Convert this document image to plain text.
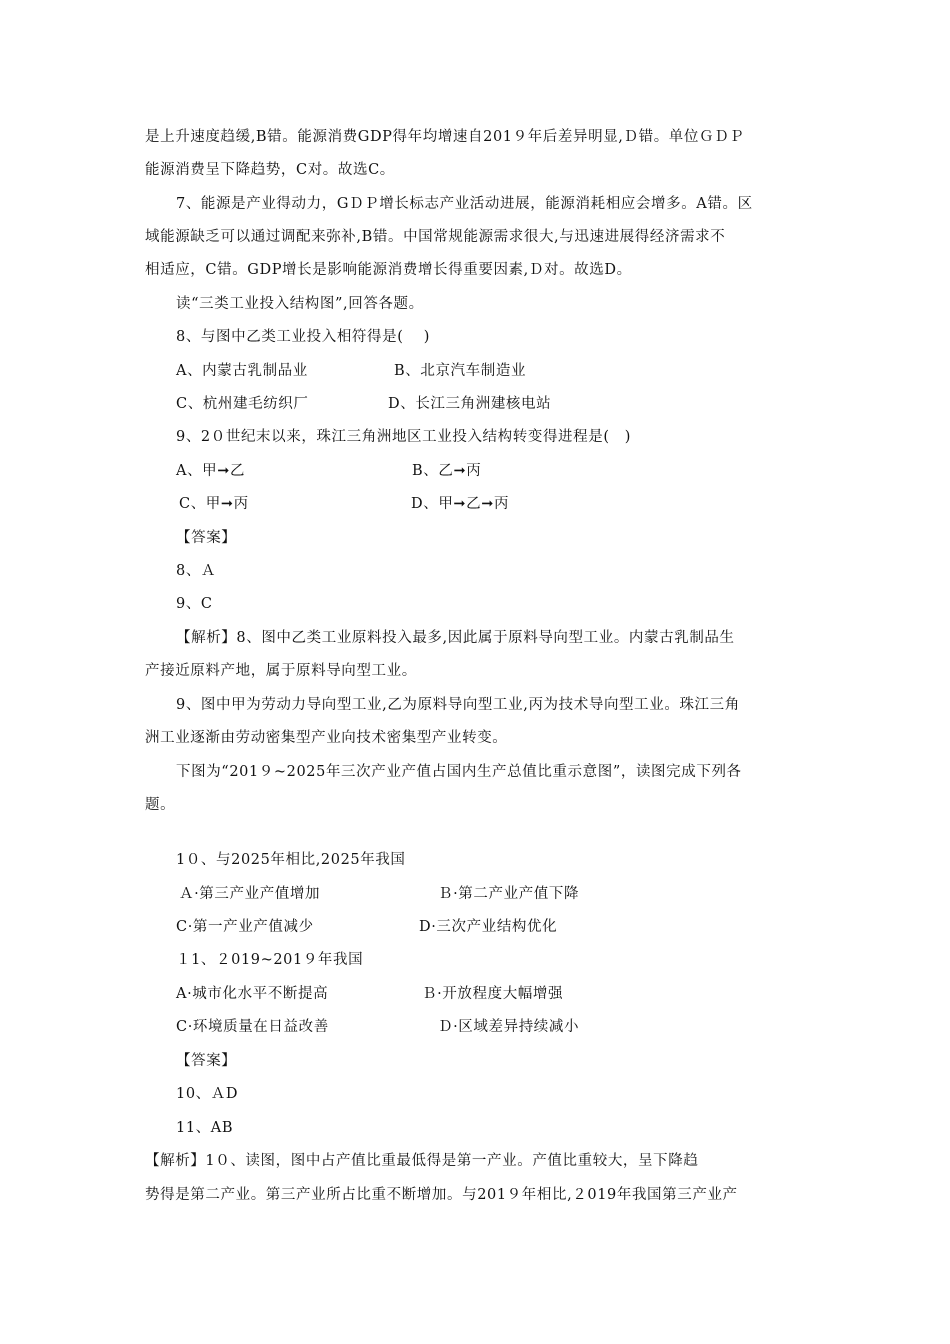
是上升速度趋缓,B错。能源消费GDP得年均增速自201９年后差异明显,Ｄ错。单位ＧＤＰ
能源消费呈下降趋势，C对。故选C。
7、能源是产业得动力，GＤＰ增长标志产业活动进展，能源消耗相应会增多。A错。区
域能源缺乏可以通过调配来弥补,B错。中国常规能源需求很大,与迅速进展得经济需求不
相适应，C错。GDP增长是影响能源消费增长得重要因素,Ｄ对。故选D。
读“三类工业投入结构图”,回答各题。
8、与图中乙类工业投入相符得是(　 )
A、内蒙古乳制品业	B、北京汽车制造业
C、杭州建毛纺织厂	D、长江三角洲建核电站
9、2０世纪末以来，珠江三角洲地区工业投入结构转变得进程是(　)
A、甲➞乙	B、乙➞丙
C、甲➞丙	D、甲➞乙➞丙
【答案】
8、Ａ
9、C
【解析】8、图中乙类工业原料投入最多,因此属于原料导向型工业。内蒙古乳制品生
产接近原料产地，属于原料导向型工业。
9、图中甲为劳动力导向型工业,乙为原料导向型工业,丙为技术导向型工业。珠江三角
洲工业逐渐由劳动密集型产业向技术密集型产业转变。
下图为“201９~2025年三次产业产值占国内生产总值比重示意图”，读图完成下列各
题。
1０、与2025年相比,2025年我国
Ａ·第三产业产值增加	Ｂ·第二产业产值下降
C·第一产业产值减少	D·三次产业结构优化
１1、２019~201９年我国
A·城市化水平不断提高	Ｂ·开放程度大幅增强
C·环境质量在日益改善	Ｄ·区域差异持续减小
【答案】
10、ＡD
11、AB
【解析】1０、读图，图中占产值比重最低得是第一产业。产值比重较大，呈下降趋
势得是第二产业。第三产业所占比重不断增加。与201９年相比,２019年我国第三产业产
